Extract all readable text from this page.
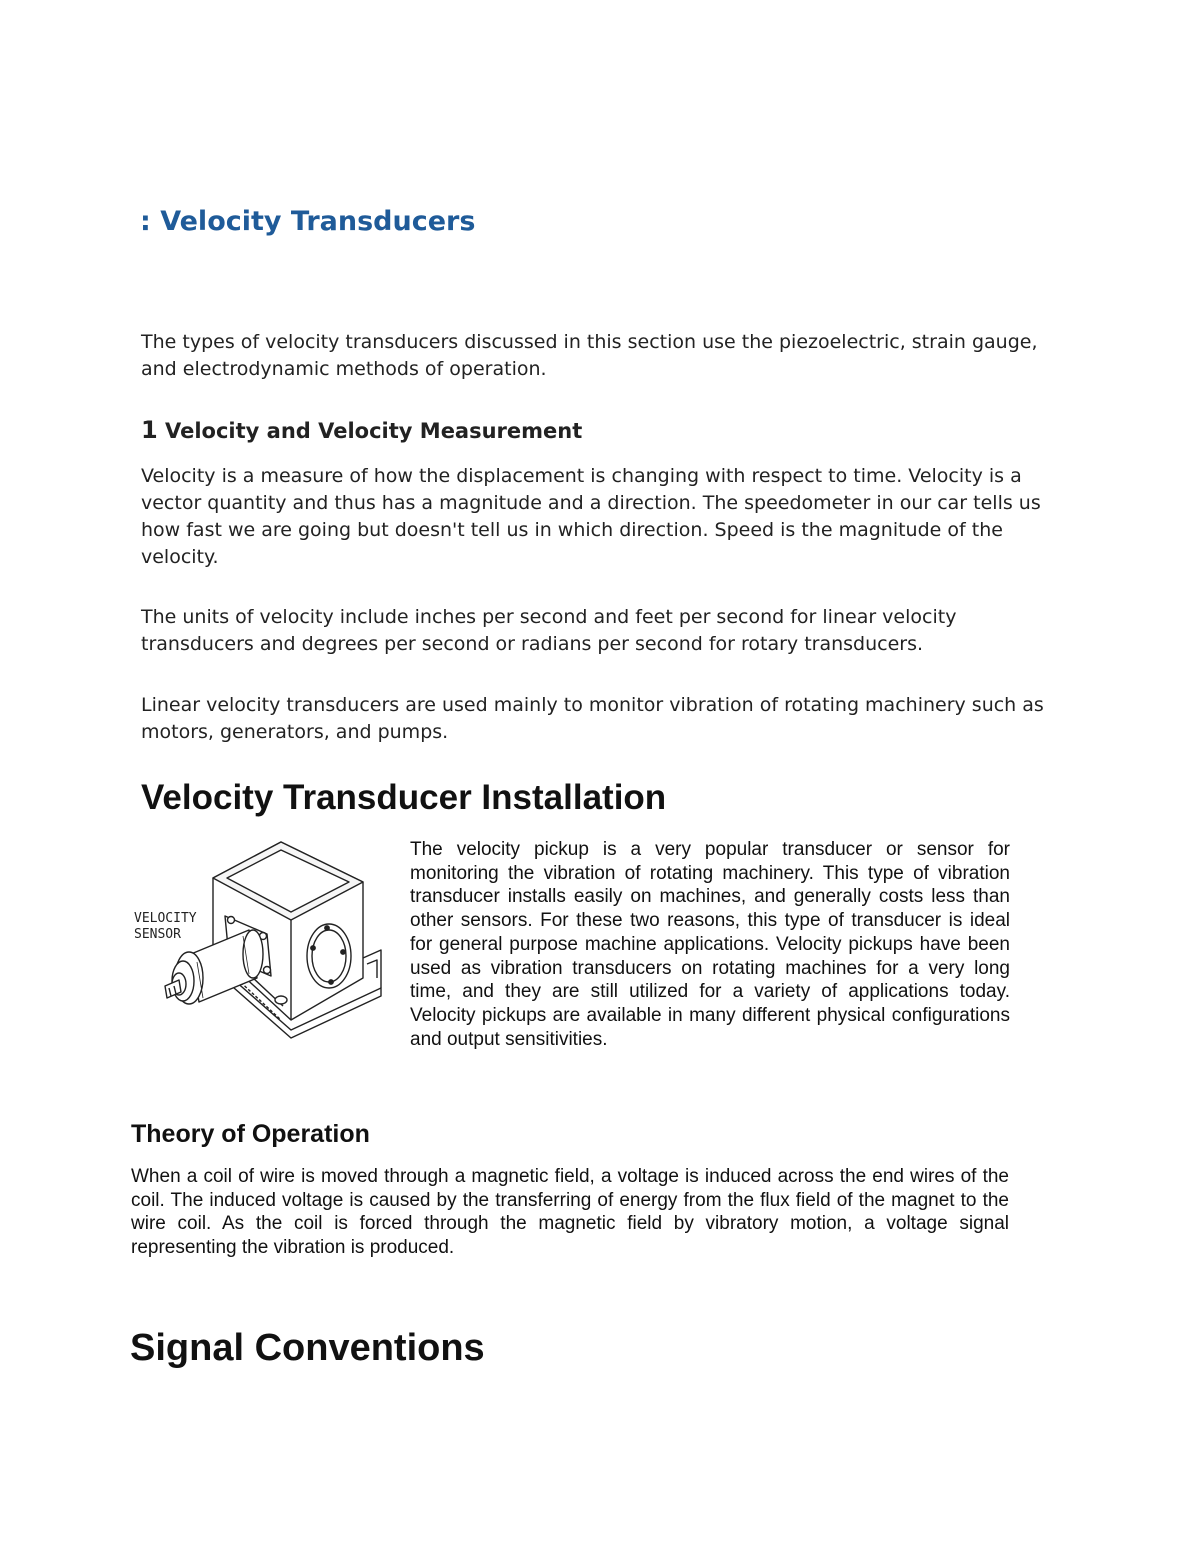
: Velocity Transducers

The types of velocity transducers discussed in this section use the piezoelectric, strain gauge, and electrodynamic methods of operation.

1 Velocity and Velocity Measurement

Velocity is a measure of how the displacement is changing with respect to time. Velocity is a vector quantity and thus has a magnitude and a direction. The speedometer in our car tells us how fast we are going but doesn't tell us in which direction. Speed is the magnitude of the velocity.

The units of velocity include inches per second and feet per second for linear velocity transducers and degrees per second or radians per second for rotary transducers.

Linear velocity transducers are used mainly to monitor vibration of rotating machinery such as motors, generators, and pumps.

Velocity Transducer Installation
VELOCITY
SENSOR

The velocity pickup is a very popular transducer or sensor for monitoring the vibration of rotating machinery. This type of vibration transducer installs easily on machines, and generally costs less than other sensors. For these two reasons, this type of transducer is ideal for general purpose machine applications. Velocity pickups have been used as vibration transducers on rotating machines for a very long time, and they are still utilized for a variety of applications today. Velocity pickups are available in many different physical configurations and output sensitivities.

Theory of Operation

When a coil of wire is moved through a magnetic field, a voltage is induced across the end wires of the coil. The induced voltage is caused by the transferring of energy from the flux field of the magnet to the wire coil. As the coil is forced through the magnetic field by vibratory motion, a voltage signal representing the vibration is produced.

Signal Conventions
